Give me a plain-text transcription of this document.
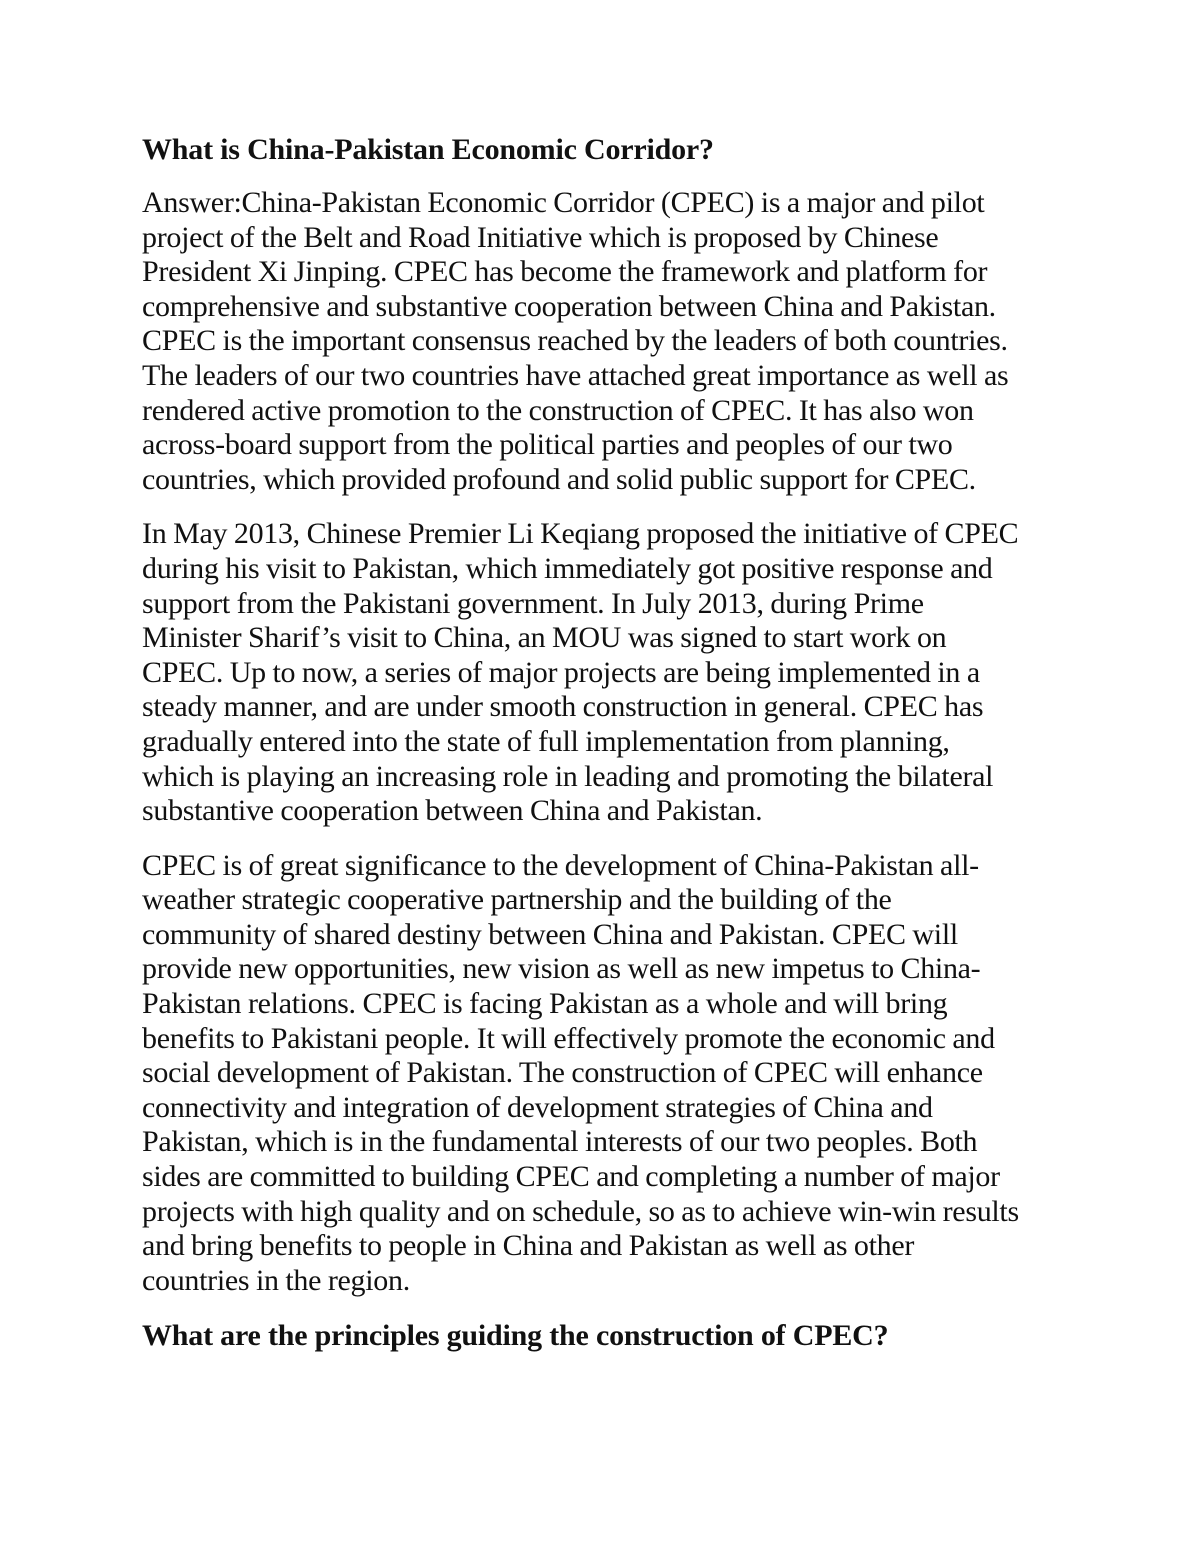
What is China-Pakistan Economic Corridor?

Answer:China-Pakistan Economic Corridor (CPEC) is a major and pilot
project of the Belt and Road Initiative which is proposed by Chinese
President Xi Jinping. CPEC has become the framework and platform for
comprehensive and substantive cooperation between China and Pakistan.
CPEC is the important consensus reached by the leaders of both countries.
The leaders of our two countries have attached great importance as well as
rendered active promotion to the construction of CPEC. It has also won
across-board support from the political parties and peoples of our two
countries, which provided profound and solid public support for CPEC.

In May 2013, Chinese Premier Li Keqiang proposed the initiative of CPEC
during his visit to Pakistan, which immediately got positive response and
support from the Pakistani government. In July 2013, during Prime
Minister Sharif’s visit to China, an MOU was signed to start work on
CPEC. Up to now, a series of major projects are being implemented in a
steady manner, and are under smooth construction in general. CPEC has
gradually entered into the state of full implementation from planning,
which is playing an increasing role in leading and promoting the bilateral
substantive cooperation between China and Pakistan.

CPEC is of great significance to the development of China-Pakistan all-
weather strategic cooperative partnership and the building of the
community of shared destiny between China and Pakistan. CPEC will
provide new opportunities, new vision as well as new impetus to China-
Pakistan relations. CPEC is facing Pakistan as a whole and will bring
benefits to Pakistani people. It will effectively promote the economic and
social development of Pakistan. The construction of CPEC will enhance
connectivity and integration of development strategies of China and
Pakistan, which is in the fundamental interests of our two peoples. Both
sides are committed to building CPEC and completing a number of major
projects with high quality and on schedule, so as to achieve win-win results
and bring benefits to people in China and Pakistan as well as other
countries in the region.

What are the principles guiding the construction of CPEC?
